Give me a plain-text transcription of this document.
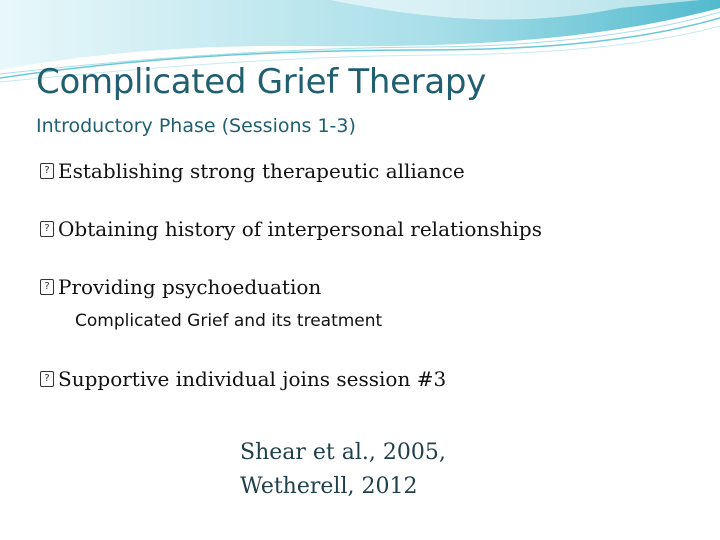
Complicated Grief Therapy
Introductory Phase (Sessions 1-3)
? Establishing strong therapeutic alliance
? Obtaining history of interpersonal relationships
? Providing psychoeduation
Complicated Grief and its treatment
? Supportive individual joins session #3

Shear et al., 2005,
Wetherell, 2012
